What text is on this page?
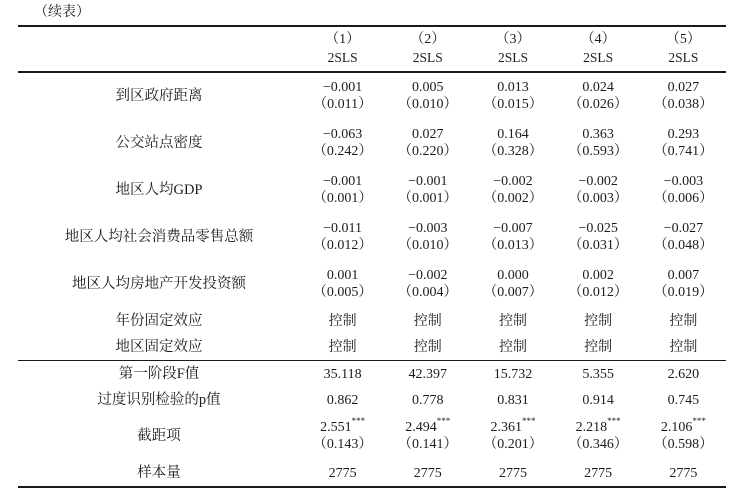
（续表）
	（1）	（2）	（3）	（4）	（5）
	2SLS	2SLS	2SLS	2SLS	2SLS
到区政府距离	−0.001	0.005	0.013	0.024	0.027
	（0.011）	（0.010）	（0.015）	（0.026）	（0.038）
公交站点密度	−0.063	0.027	0.164	0.363	0.293
	（0.242）	（0.220）	（0.328）	（0.593）	（0.741）
地区人均GDP	−0.001	−0.001	−0.002	−0.002	−0.003
	（0.001）	（0.001）	（0.002）	（0.003）	（0.006）
地区人均社会消费品零售总额	−0.011	−0.003	−0.007	−0.025	−0.027
	（0.012）	（0.010）	（0.013）	（0.031）	（0.048）
地区人均房地产开发投资额	0.001	−0.002	0.000	0.002	0.007
	（0.005）	（0.004）	（0.007）	（0.012）	（0.019）
年份固定效应	控制	控制	控制	控制	控制
地区固定效应	控制	控制	控制	控制	控制
第一阶段F值	35.118	42.397	15.732	5.355	2.620
过度识别检验的p值	0.862	0.778	0.831	0.914	0.745
截距项	2.551***	2.494***	2.361***	2.218***	2.106***
	（0.143）	（0.141）	（0.201）	（0.346）	（0.598）
样本量	2775	2775	2775	2775	2775
